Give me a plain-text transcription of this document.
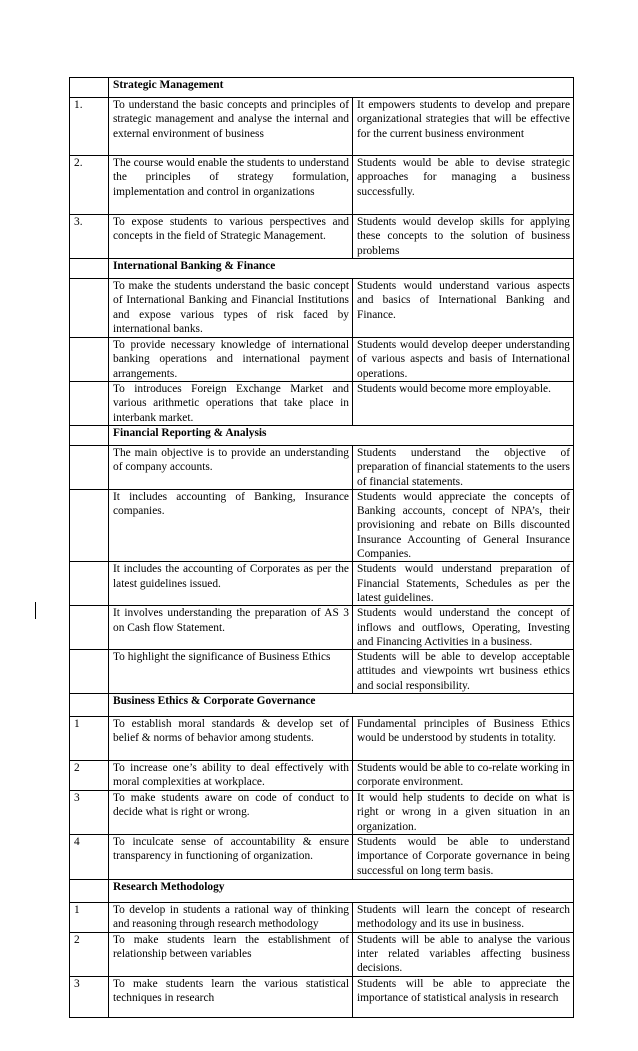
	Strategic Management	
1.	To understand the basic concepts and principles of strategic management and analyse the internal and external environment of business	It empowers students to develop and prepare organizational strategies that will be effective for the current business environment
2.	The course would enable the students to understand the principles of strategy formulation, implementation and control in organizations	Students would be able to devise strategic approaches for managing a business successfully.
3.	To expose students to various perspectives and concepts in the field of Strategic Management.	Students would develop skills for applying these concepts to the solution of business problems
	International Banking & Finance	
	To make the students understand the basic concept of International Banking and Financial Institutions and expose various types of risk faced by international banks.	Students would understand various aspects and basics of International Banking and Finance.
	To provide necessary knowledge of international banking operations and international payment arrangements.	Students would develop deeper understanding of various aspects and basis of International operations.
	To introduces Foreign Exchange Market and various arithmetic operations that take place in interbank market.	Students would become more employable.
	Financial Reporting & Analysis	
	The main objective is to provide an understanding of company accounts.	Students understand the objective of preparation of financial statements to the users of financial statements.
	It includes accounting of Banking, Insurance companies.	Students would appreciate the concepts of Banking accounts, concept of NPA’s, their provisioning and rebate on Bills discounted Insurance Accounting of General Insurance Companies.
	It includes the accounting of Corporates as per the latest guidelines issued.	Students would understand preparation of Financial Statements, Schedules as per the latest guidelines.
	It involves understanding the preparation of AS 3 on Cash flow Statement.	Students would understand the concept of inflows and outflows, Operating, Investing and Financing Activities in a business.
	To highlight the significance of Business Ethics	Students will be able to develop acceptable attitudes and viewpoints wrt business ethics and social responsibility.
	Business Ethics & Corporate Governance	
1	To establish moral standards & develop set of belief & norms of behavior among students.	Fundamental principles of Business Ethics would be understood by students in totality.
2	To increase one’s ability to deal effectively with moral complexities at workplace.	Students would be able to co-relate working in corporate environment.
3	To make students aware on code of conduct to decide what is right or wrong.	It would help students to decide on what is right or wrong in a given situation in an organization.
4	To inculcate sense of accountability & ensure transparency in functioning of organization.	Students would be able to understand importance of Corporate governance in being successful on long term basis.
	Research Methodology	
1	To develop in students a rational way of thinking and reasoning through research methodology	Students will learn the concept of research methodology and its use in business.
2	To make students learn the establishment of relationship between variables	Students will be able to analyse the various inter related variables affecting business decisions.
3	To make students learn the various statistical techniques in research	Students will be able to appreciate the importance of statistical analysis in research
